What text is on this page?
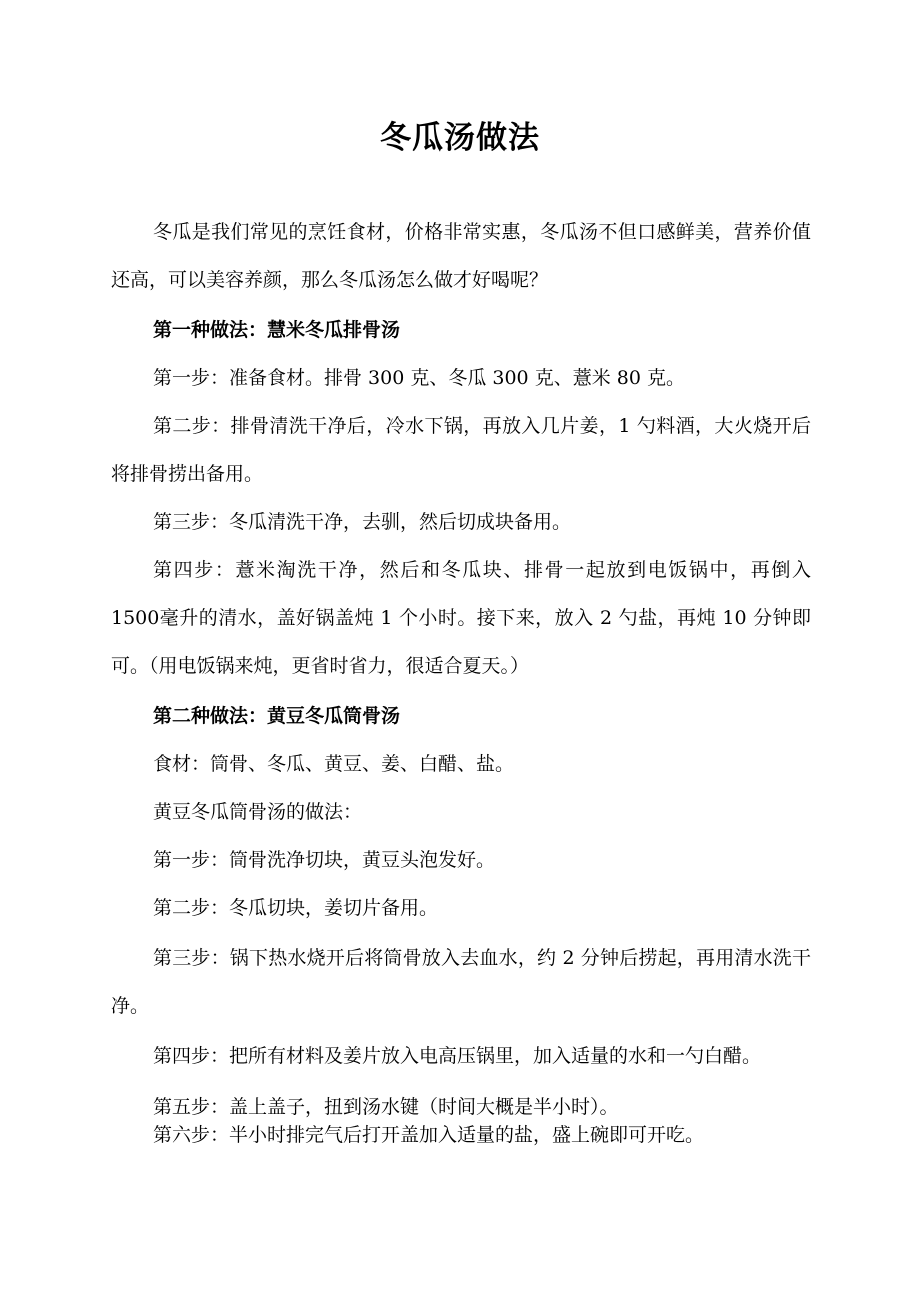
冬瓜汤做法
冬瓜是我们常见的烹饪食材，价格非常实惠，冬瓜汤不但口感鲜美，营养价值还高，可以美容养颜，那么冬瓜汤怎么做才好喝呢？
第一种做法：慧米冬瓜排骨汤
第一步：准备食材。排骨 300 克、冬瓜 300 克、薏米 80 克。
第二步：排骨清洗干净后，冷水下锅，再放入几片姜，1 勺料酒，大火烧开后将排骨捞出备用。
第三步：冬瓜清洗干净，去驯，然后切成块备用。
第四步：薏米淘洗干净，然后和冬瓜块、排骨一起放到电饭锅中，再倒入 1500毫升的清水，盖好锅盖炖 1 个小时。接下来，放入 2 勺盐，再炖 10 分钟即可。（用电饭锅来炖，更省时省力，很适合夏天。）
第二种做法：黄豆冬瓜筒骨汤
食材：筒骨、冬瓜、黄豆、姜、白醋、盐。
黄豆冬瓜筒骨汤的做法：
第一步：筒骨洗净切块，黄豆头泡发好。
第二步：冬瓜切块，姜切片备用。
第三步：锅下热水烧开后将筒骨放入去血水，约 2 分钟后捞起，再用清水洗干净。
第四步：把所有材料及姜片放入电高压锅里，加入适量的水和一勺白醋。
第五步：盖上盖子，扭到汤水键（时间大概是半小时）。
第六步：半小时排完气后打开盖加入适量的盐，盛上碗即可开吃。
